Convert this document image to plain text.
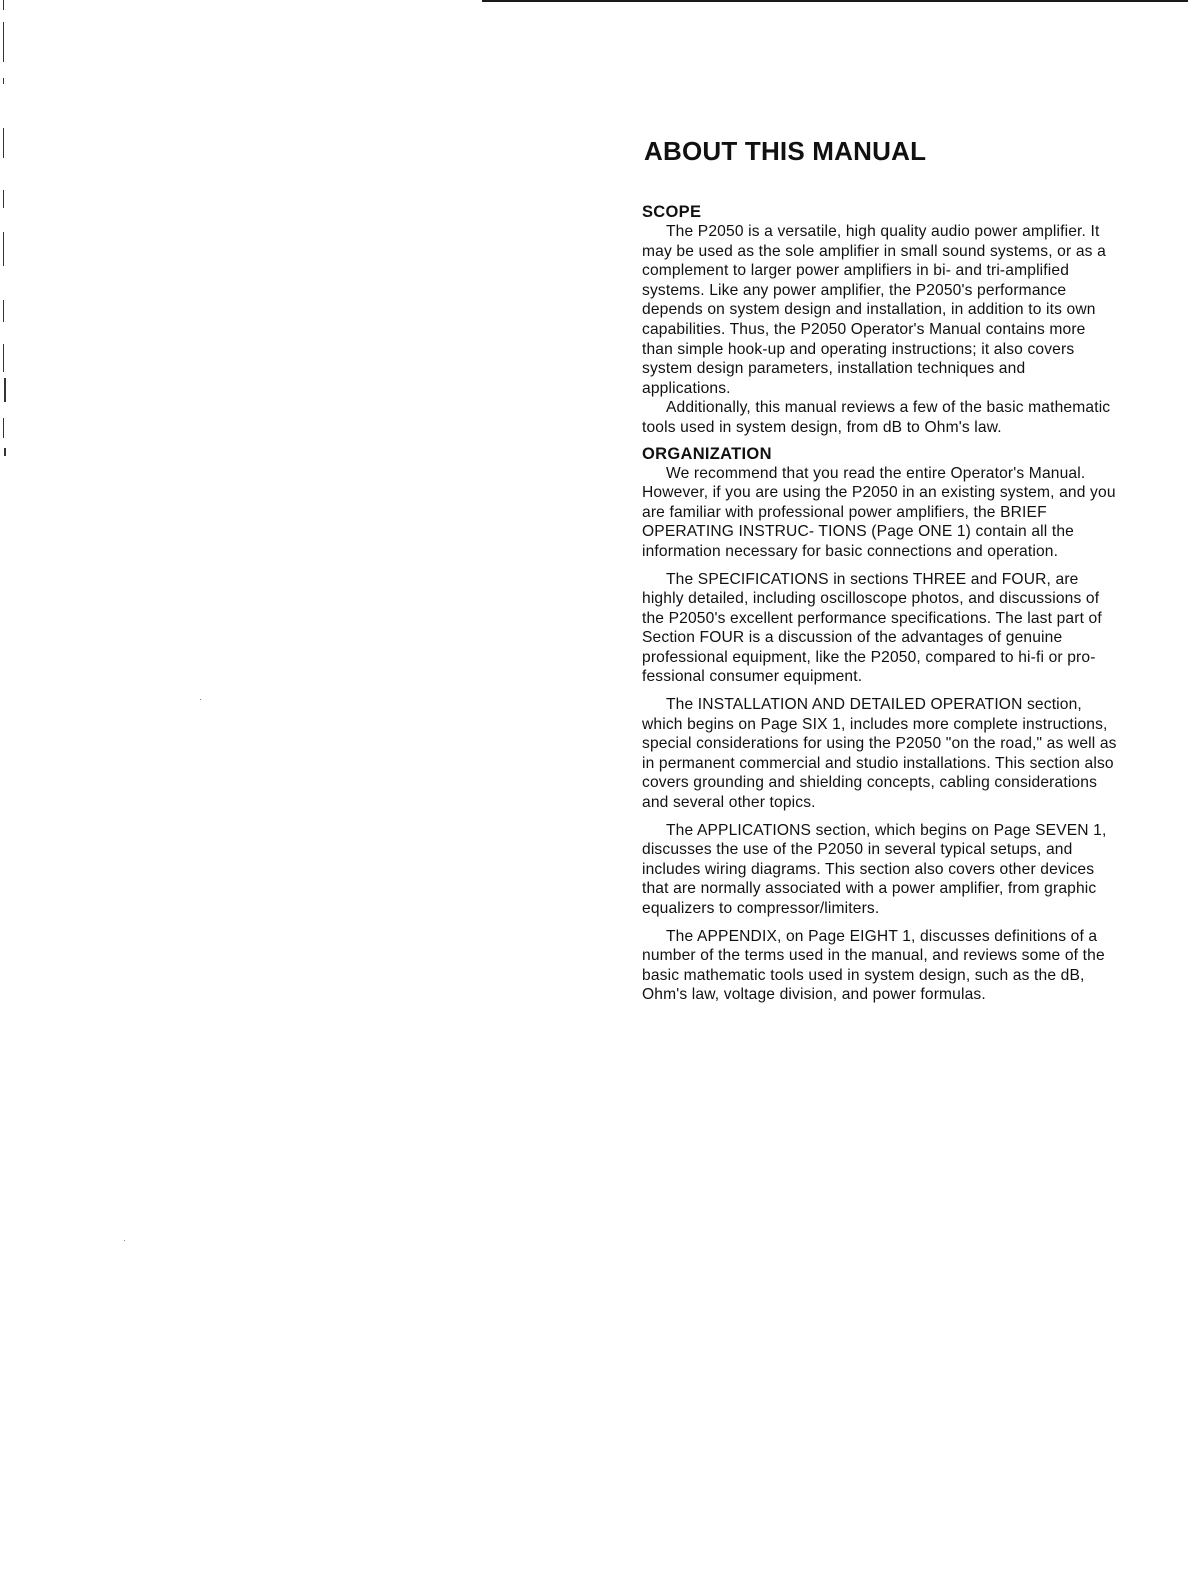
ABOUT THIS MANUAL
SCOPE

The P2050 is a versatile, high quality audio power amplifier. It may be used as the sole amplifier in small sound systems, or as a complement to larger power amplifiers in bi- and tri-amplified systems. Like any power amplifier, the P2050's performance depends on system design and installation, in addition to its own capabilities. Thus, the P2050 Operator's Manual contains more than simple hook-up and operating instructions; it also covers system design parameters, installation techniques and applications.

Additionally, this manual reviews a few of the basic mathematic tools used in system design, from dB to Ohm's law.

ORGANIZATION

We recommend that you read the entire Operator's Manual. However, if you are using the P2050 in an existing system, and you are familiar with professional power amplifiers, the BRIEF OPERATING INSTRUC- TIONS (Page ONE 1) contain all the information necessary for basic connections and operation.

The SPECIFICATIONS in sections THREE and FOUR, are highly detailed, including oscilloscope photos, and discussions of the P2050's excellent performance specifications. The last part of Section FOUR is a discussion of the advantages of genuine professional equipment, like the P2050, compared to hi-fi or pro- fessional consumer equipment.

The INSTALLATION AND DETAILED OPERATION section, which begins on Page SIX 1, includes more complete instructions, special considerations for using the P2050 "on the road," as well as in permanent commercial and studio installations. This section also covers grounding and shielding concepts, cabling considerations and several other topics.

The APPLICATIONS section, which begins on Page SEVEN 1, discusses the use of the P2050 in several typical setups, and includes wiring diagrams. This section also covers other devices that are normally associated with a power amplifier, from graphic equalizers to compressor/limiters.

The APPENDIX, on Page EIGHT 1, discusses definitions of a number of the terms used in the manual, and reviews some of the basic mathematic tools used in system design, such as the dB, Ohm's law, voltage division, and power formulas.
